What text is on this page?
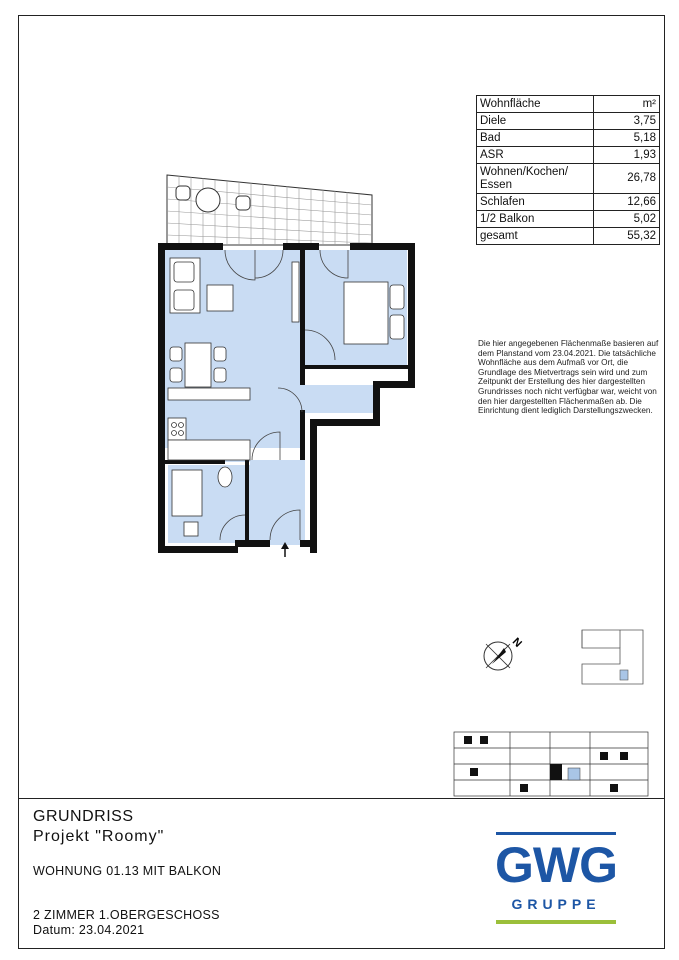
Wohnfläche	m²
Diele	3,75
Bad	5,18
ASR	1,93
Wohnen/Kochen/ Essen	26,78
Schlafen	12,66
1/2 Balkon	5,02
gesamt	55,32
Die hier angegebenen Flächenmaße basieren auf dem Planstand vom 23.04.2021. Die tatsächliche Wohnfläche aus dem Aufmaß vor Ort, die Grundlage des Mietvertrags sein wird und zum Zeitpunkt der Erstellung des hier dargestellten Grundrisses noch nicht verfügbar war, weicht von den hier dargestellten Flächenmaßen ab. Die Einrichtung dient lediglich Darstellungszwecken.
N
GRUNDRISS
Projekt "Roomy"
WOHNUNG 01.13 MIT BALKON
2 ZIMMER 1.OBERGESCHOSS
Datum: 23.04.2021
GWG
GRUPPE
